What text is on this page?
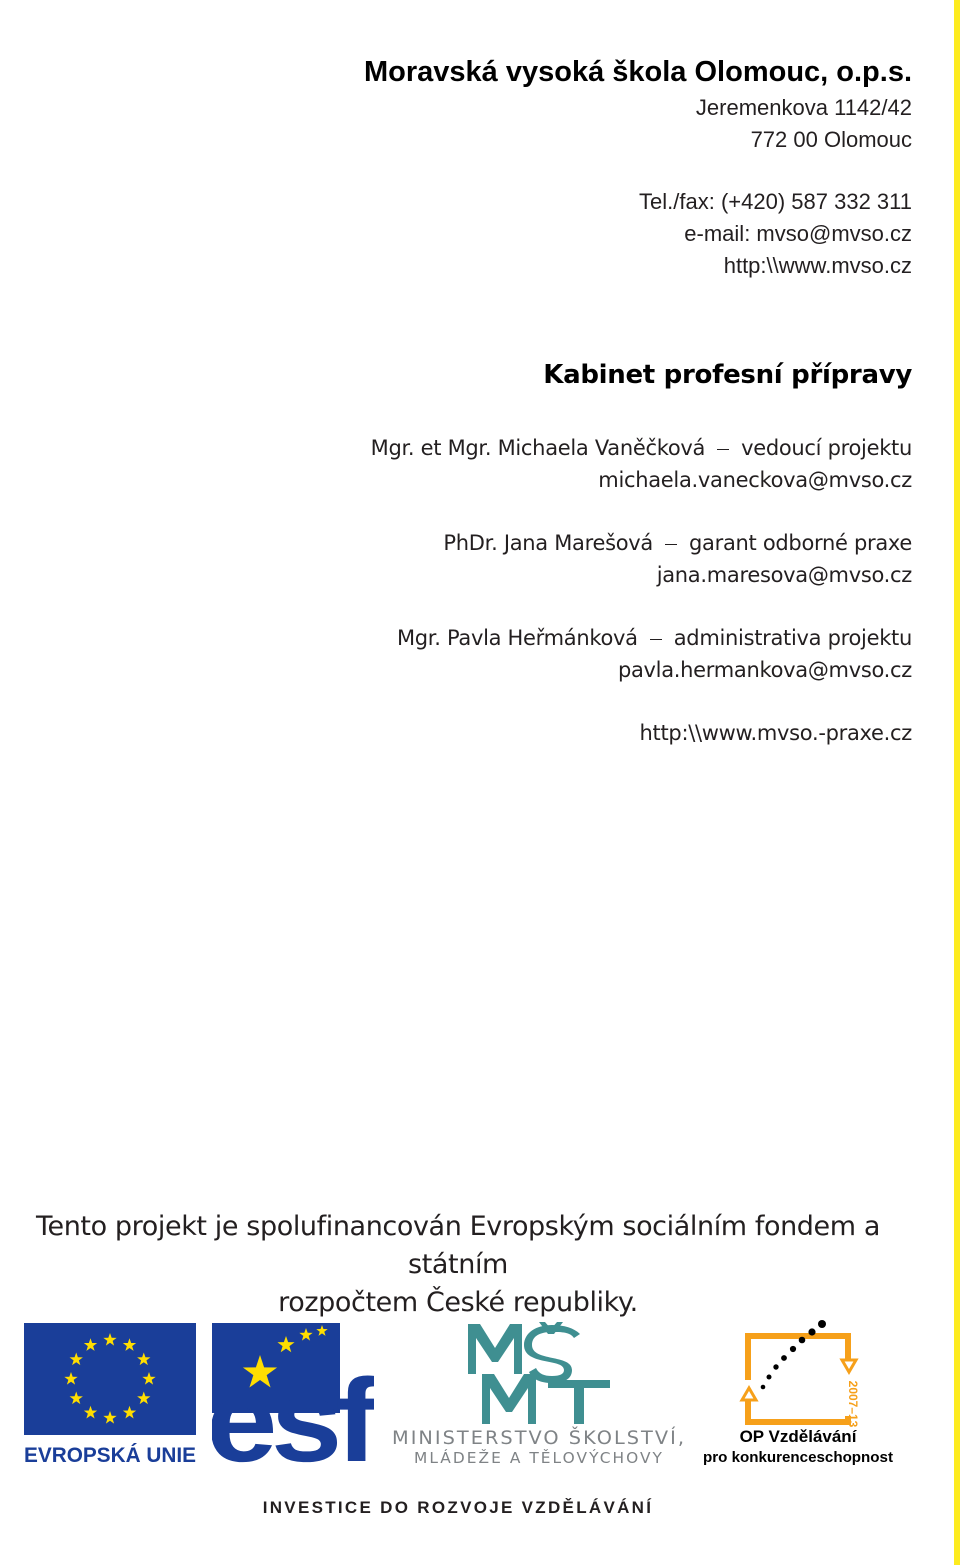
Moravská vysoká škola Olomouc, o.p.s.
Jeremenkova 1142/42
772 00 Olomouc
Tel./fax: (+420) 587 332 311
e-mail: mvso@mvso.cz
http:\\www.mvso.cz
Kabinet profesní přípravy
Mgr. et Mgr. Michaela Vaněčková vedoucí projektu
michaela.vaneckova@mvso.cz
PhDr. Jana Marešová garant odborné praxe
jana.maresova@mvso.cz
Mgr. Pavla Heřmánková administrativa projektu
pavla.hermankova@mvso.cz
http:\\www.mvso.-praxe.cz
Tento projekt je spolufinancován Evropským sociálním fondem a státním
rozpočtem České republiky.
EVROPSKÁ UNIE esf MINISTERSTVO ŠKOLSTVÍ,
MLÁDEŽE A TĚLOVÝCHOVY
2007–13
OP Vzdělávání
pro konkurenceschopnost
INVESTICE DO ROZVOJE VZDĚLÁVÁNÍ
